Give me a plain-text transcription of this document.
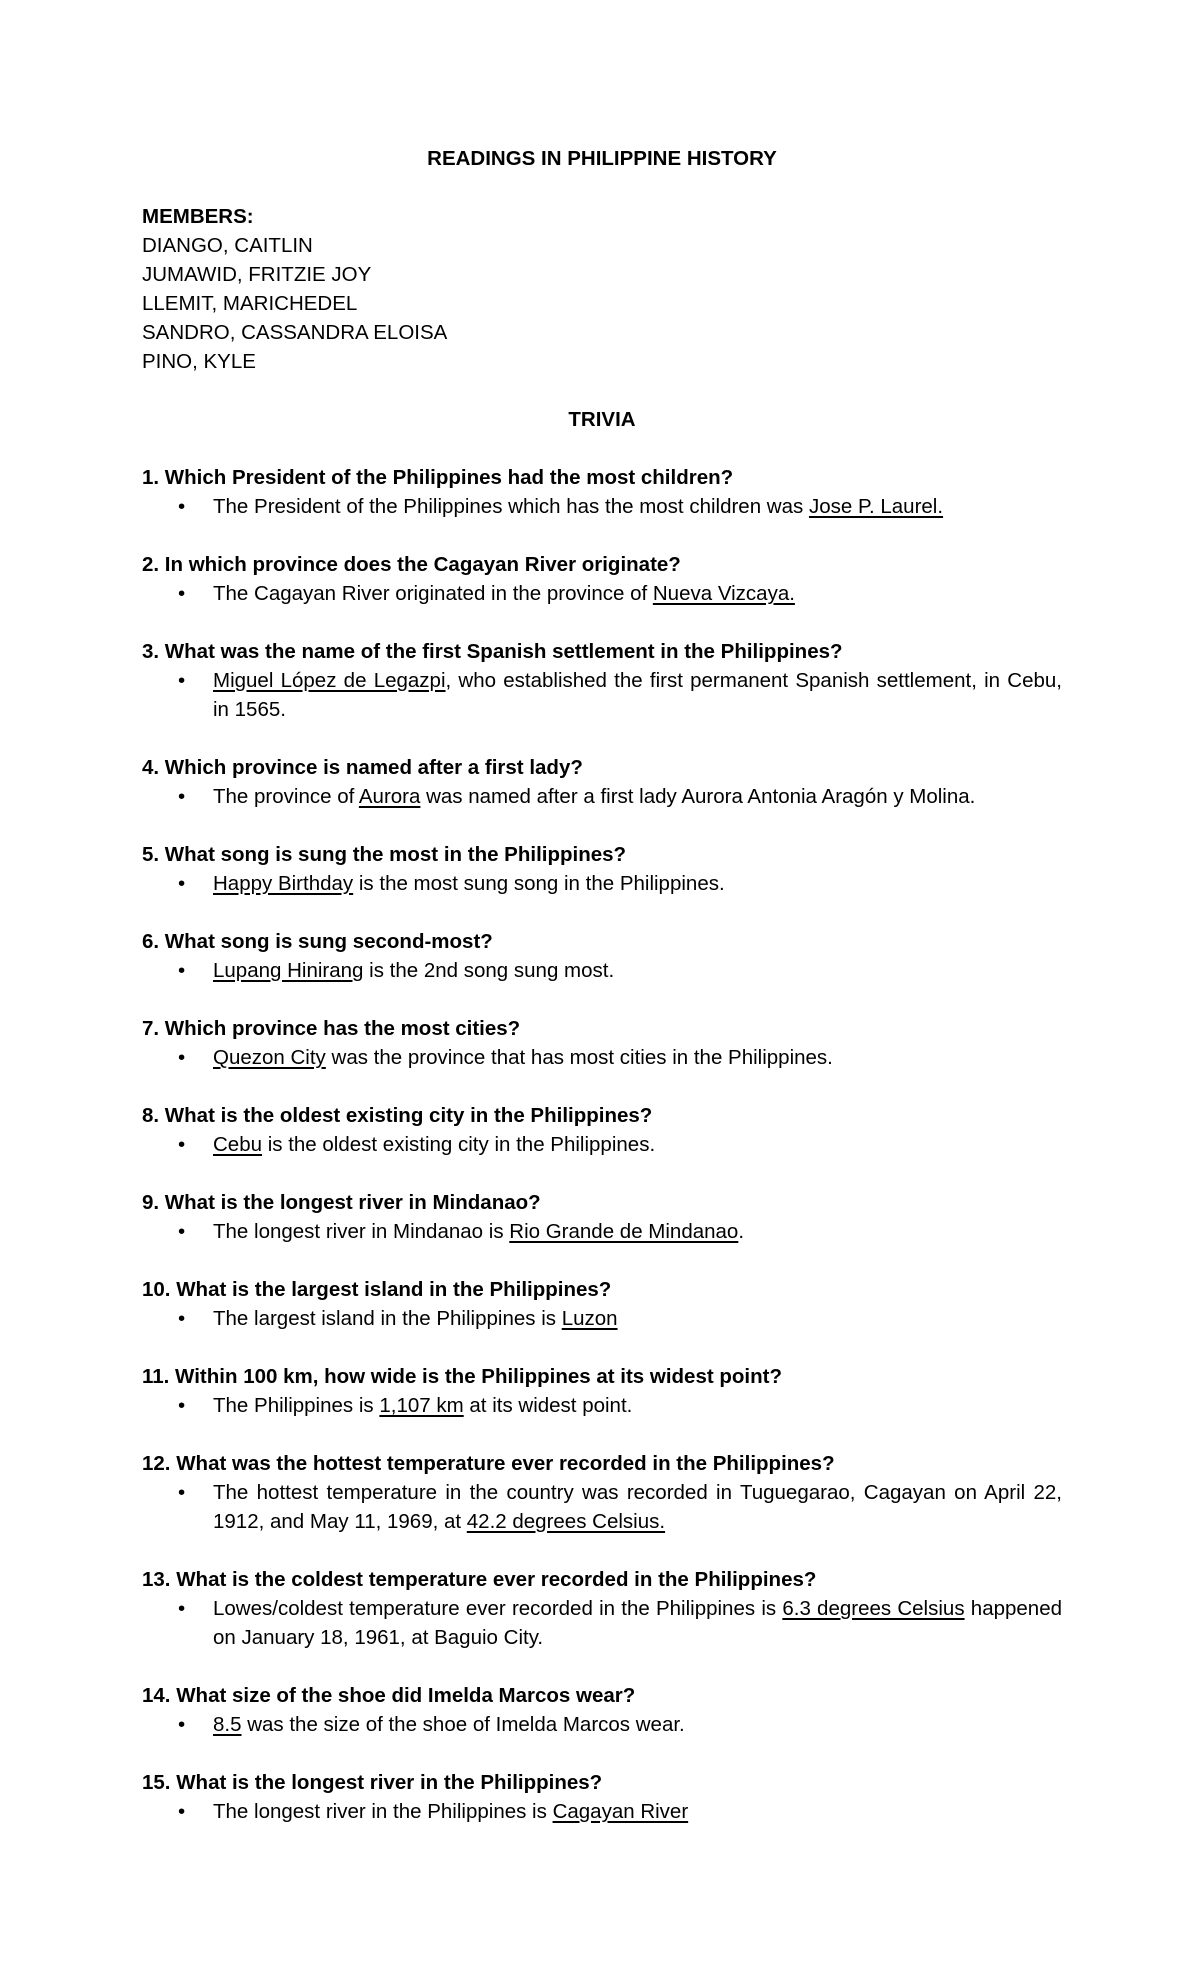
READINGS IN PHILIPPINE HISTORY

MEMBERS:

DIANGO, CAITLIN

JUMAWID, FRITZIE JOY

LLEMIT, MARICHEDEL

SANDRO, CASSANDRA ELOISA

PINO, KYLE

TRIVIA

1. Which President of the Philippines had the most children?

• The President of the Philippines which has the most children was Jose P. Laurel.

2. In which province does the Cagayan River originate?

• The Cagayan River originated in the province of Nueva Vizcaya.

3. What was the name of the first Spanish settlement in the Philippines?

• Miguel López de Legazpi, who established the first permanent Spanish settlement, in Cebu, in 1565.

4. Which province is named after a first lady?

• The province of Aurora was named after a first lady Aurora Antonia Aragón y Molina.

5. What song is sung the most in the Philippines?

• Happy Birthday is the most sung song in the Philippines.

6. What song is sung second-most?

• Lupang Hinirang is the 2nd song sung most.

7. Which province has the most cities?

• Quezon City was the province that has most cities in the Philippines.

8. What is the oldest existing city in the Philippines?

• Cebu is the oldest existing city in the Philippines.

9. What is the longest river in Mindanao?

• The longest river in Mindanao is Rio Grande de Mindanao.

10. What is the largest island in the Philippines?

• The largest island in the Philippines is Luzon

11. Within 100 km, how wide is the Philippines at its widest point?

• The Philippines is 1,107 km at its widest point.

12. What was the hottest temperature ever recorded in the Philippines?

• The hottest temperature in the country was recorded in Tuguegarao, Cagayan on April 22, 1912, and May 11, 1969, at 42.2 degrees Celsius.

13. What is the coldest temperature ever recorded in the Philippines?

• Lowes/coldest temperature ever recorded in the Philippines is 6.3 degrees Celsius happened on January 18, 1961, at Baguio City.

14. What size of the shoe did Imelda Marcos wear?

• 8.5 was the size of the shoe of Imelda Marcos wear.

15. What is the longest river in the Philippines?

• The longest river in the Philippines is Cagayan River
